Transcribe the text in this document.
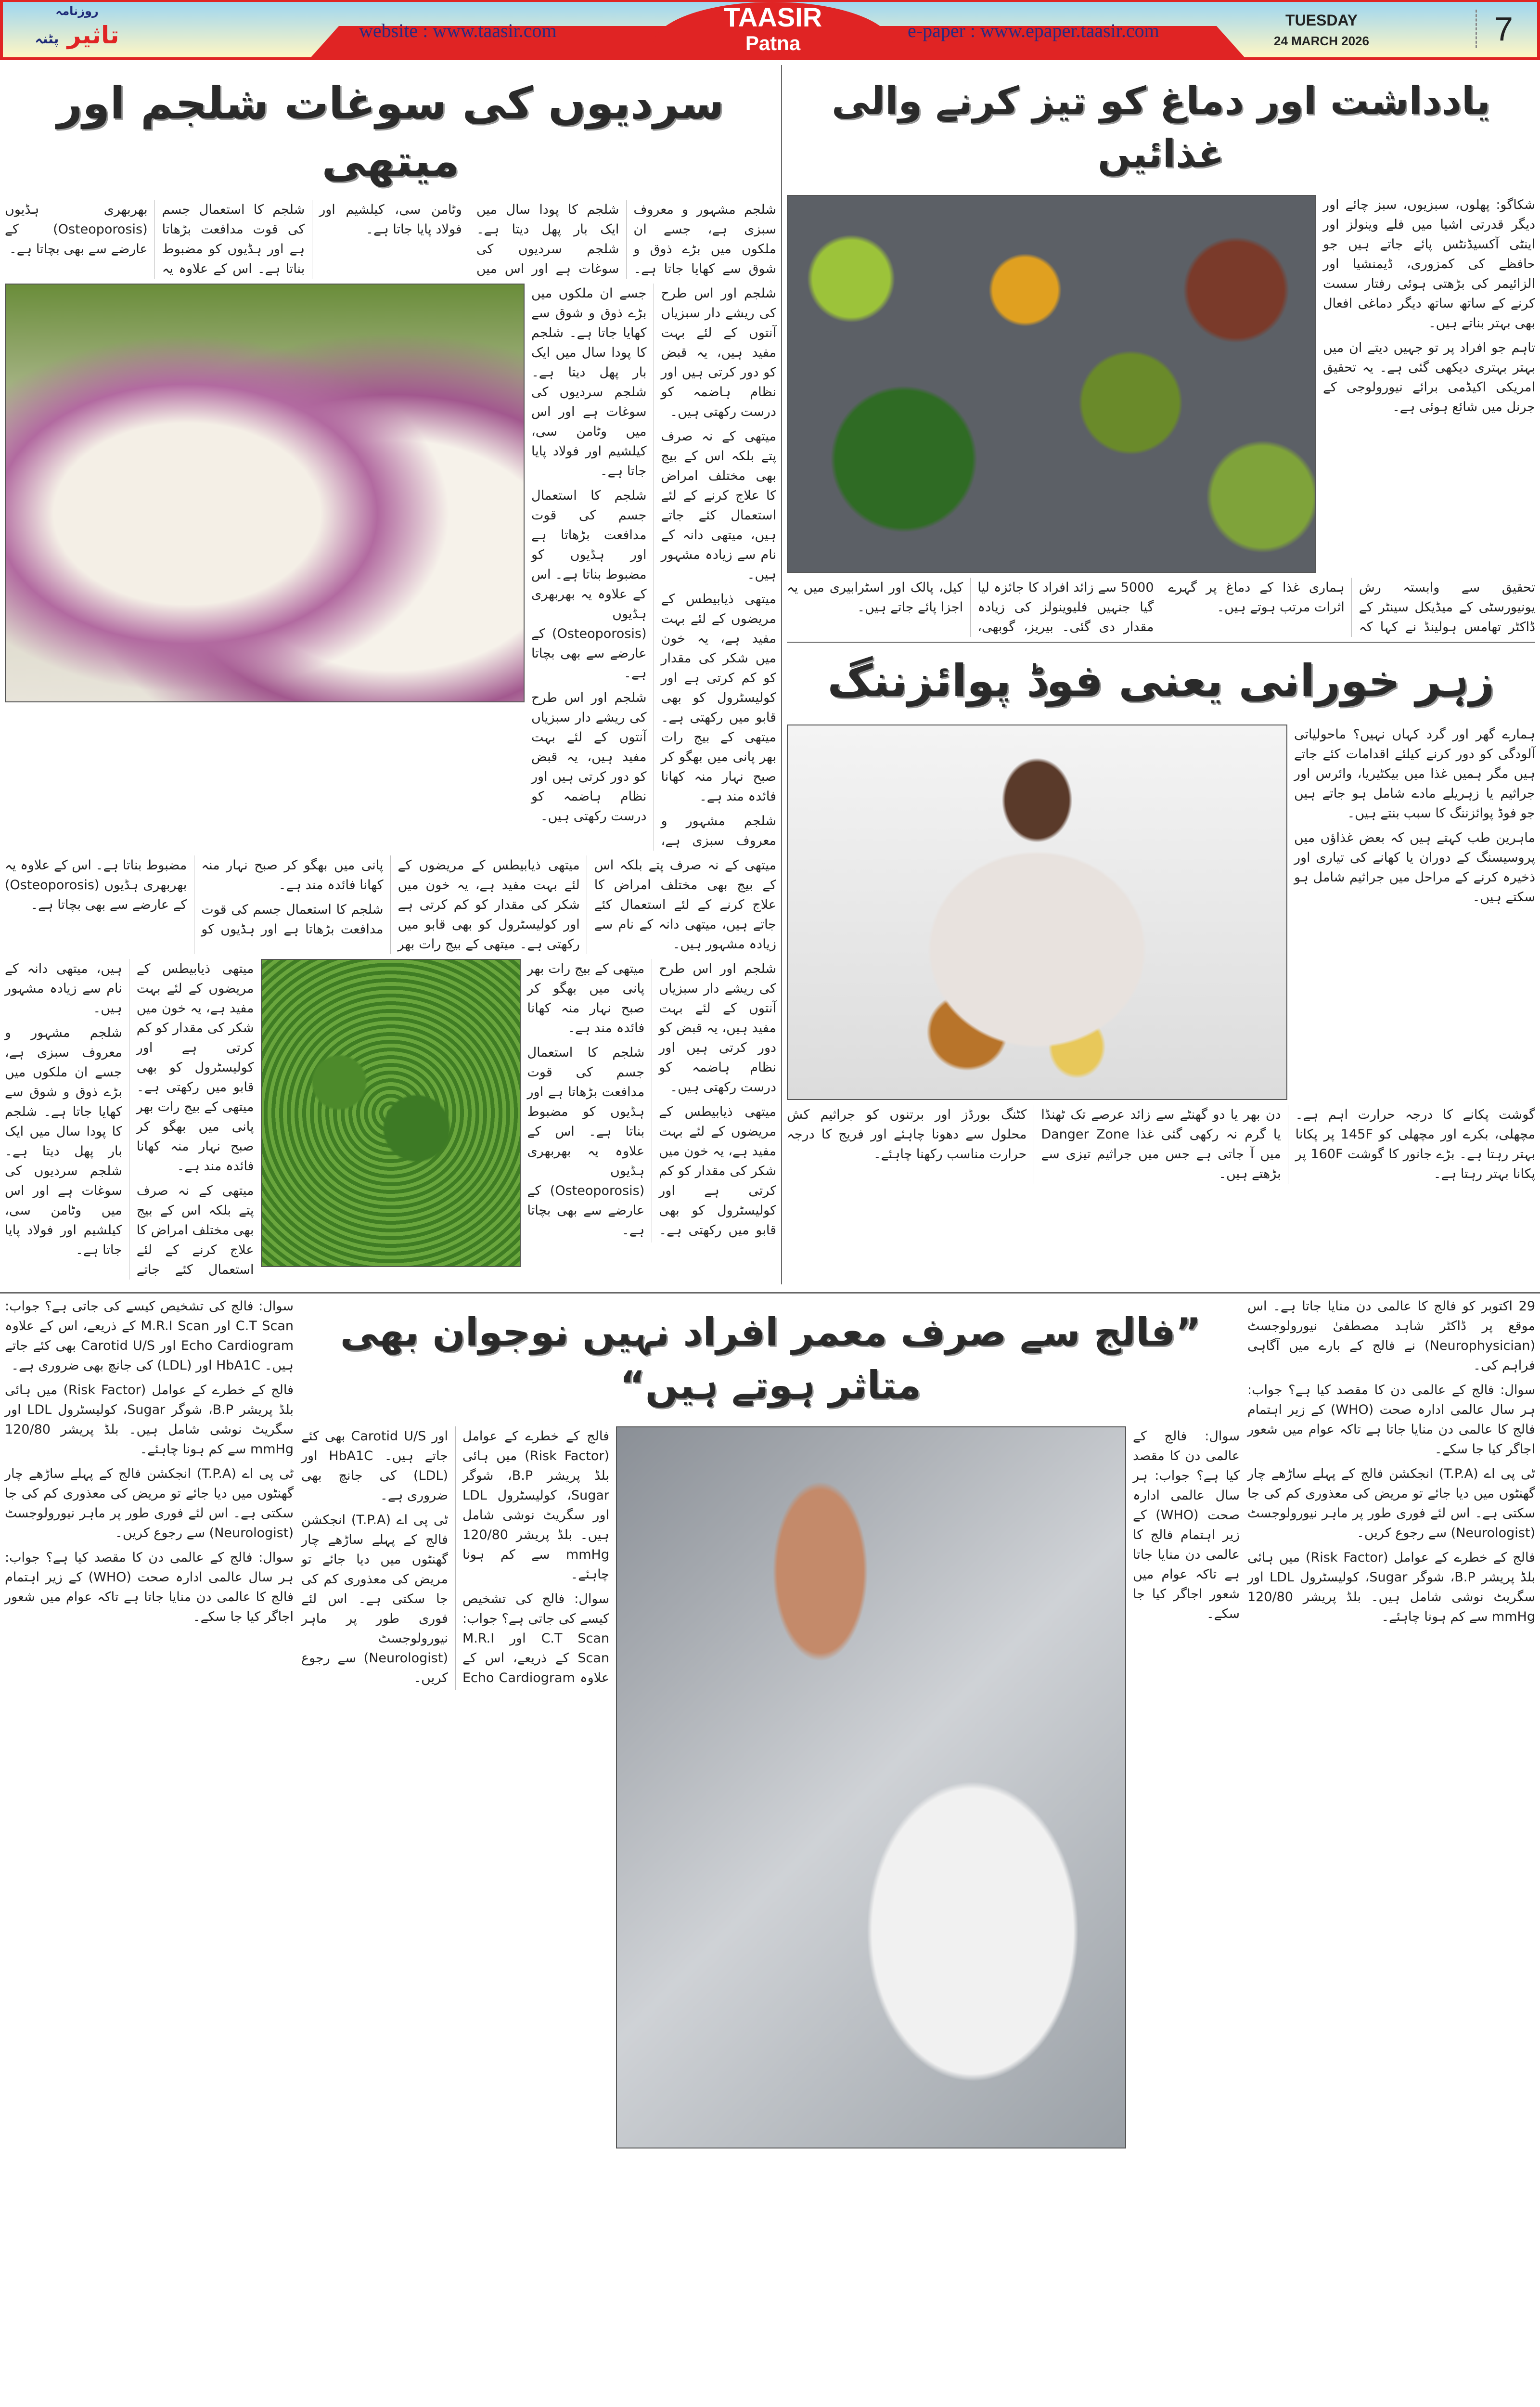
روزنامہ
تاثیر پٹنہ
TAASIR
Patna
website : www.taasir.com	e-paper : www.epaper.taasir.com	TUESDAY
24 MARCH 2026	7
سردیوں کی سوغات شلجم اور میتھی

شلجم مشہور و معروف سبزی ہے، جسے ان ملکوں میں بڑے ذوق و شوق سے کھایا جاتا ہے۔ شلجم کا پودا سال میں ایک بار پھل دیتا ہے۔ شلجم سردیوں کی سوغات ہے اور اس میں وٹامن سی، کیلشیم اور فولاد پایا جاتا ہے۔

شلجم کا استعمال جسم کی قوت مدافعت بڑھاتا ہے اور ہڈیوں کو مضبوط بناتا ہے۔ اس کے علاوہ یہ بھربھری ہڈیوں (Osteoporosis) کے عارضے سے بھی بچاتا ہے۔

شلجم اور اس طرح کی ریشے دار سبزیاں آنتوں کے لئے بہت مفید ہیں، یہ قبض کو دور کرتی ہیں اور نظام ہاضمہ کو درست رکھتی ہیں۔

میتھی کے نہ صرف پتے بلکہ اس کے بیج بھی مختلف امراض کا علاج کرنے کے لئے استعمال کئے جاتے ہیں، میتھی دانہ کے نام سے زیادہ مشہور ہیں۔

میتھی ذیابیطس کے مریضوں کے لئے بہت مفید ہے، یہ خون میں شکر کی مقدار کو کم کرتی ہے اور کولیسٹرول کو بھی قابو میں رکھتی ہے۔ میتھی کے بیج رات بھر پانی میں بھگو کر صبح نہار منہ کھانا فائدہ مند ہے۔

شلجم مشہور و معروف سبزی ہے، جسے ان ملکوں میں بڑے ذوق و شوق سے کھایا جاتا ہے۔ شلجم کا پودا سال میں ایک بار پھل دیتا ہے۔ شلجم سردیوں کی سوغات ہے اور اس میں وٹامن سی، کیلشیم اور فولاد پایا جاتا ہے۔

شلجم کا استعمال جسم کی قوت مدافعت بڑھاتا ہے اور ہڈیوں کو مضبوط بناتا ہے۔ اس کے علاوہ یہ بھربھری ہڈیوں (Osteoporosis) کے عارضے سے بھی بچاتا ہے۔

شلجم اور اس طرح کی ریشے دار سبزیاں آنتوں کے لئے بہت مفید ہیں، یہ قبض کو دور کرتی ہیں اور نظام ہاضمہ کو درست رکھتی ہیں۔

میتھی کے نہ صرف پتے بلکہ اس کے بیج بھی مختلف امراض کا علاج کرنے کے لئے استعمال کئے جاتے ہیں، میتھی دانہ کے نام سے زیادہ مشہور ہیں۔

میتھی ذیابیطس کے مریضوں کے لئے بہت مفید ہے، یہ خون میں شکر کی مقدار کو کم کرتی ہے اور کولیسٹرول کو بھی قابو میں رکھتی ہے۔ میتھی کے بیج رات بھر پانی میں بھگو کر صبح نہار منہ کھانا فائدہ مند ہے۔

شلجم کا استعمال جسم کی قوت مدافعت بڑھاتا ہے اور ہڈیوں کو مضبوط بناتا ہے۔ اس کے علاوہ یہ بھربھری ہڈیوں (Osteoporosis) کے عارضے سے بھی بچاتا ہے۔

میتھی ذیابیطس کے مریضوں کے لئے بہت مفید ہے، یہ خون میں شکر کی مقدار کو کم کرتی ہے اور کولیسٹرول کو بھی قابو میں رکھتی ہے۔ میتھی کے بیج رات بھر پانی میں بھگو کر صبح نہار منہ کھانا فائدہ مند ہے۔

میتھی کے نہ صرف پتے بلکہ اس کے بیج بھی مختلف امراض کا علاج کرنے کے لئے استعمال کئے جاتے ہیں، میتھی دانہ کے نام سے زیادہ مشہور ہیں۔

شلجم مشہور و معروف سبزی ہے، جسے ان ملکوں میں بڑے ذوق و شوق سے کھایا جاتا ہے۔ شلجم کا پودا سال میں ایک بار پھل دیتا ہے۔ شلجم سردیوں کی سوغات ہے اور اس میں وٹامن سی، کیلشیم اور فولاد پایا جاتا ہے۔

شلجم اور اس طرح کی ریشے دار سبزیاں آنتوں کے لئے بہت مفید ہیں، یہ قبض کو دور کرتی ہیں اور نظام ہاضمہ کو درست رکھتی ہیں۔

میتھی ذیابیطس کے مریضوں کے لئے بہت مفید ہے، یہ خون میں شکر کی مقدار کو کم کرتی ہے اور کولیسٹرول کو بھی قابو میں رکھتی ہے۔ میتھی کے بیج رات بھر پانی میں بھگو کر صبح نہار منہ کھانا فائدہ مند ہے۔

شلجم کا استعمال جسم کی قوت مدافعت بڑھاتا ہے اور ہڈیوں کو مضبوط بناتا ہے۔ اس کے علاوہ یہ بھربھری ہڈیوں (Osteoporosis) کے عارضے سے بھی بچاتا ہے۔

یادداشت اور دماغ کو تیز کرنے والی غذائیں

شکاگو: پھلوں، سبزیوں، سبز چائے اور دیگر قدرتی اشیا میں فلے وینولز اور اینٹی آکسیڈنٹس پائے جاتے ہیں جو حافظے کی کمزوری، ڈیمنشیا اور الزائیمر کی بڑھتی ہوئی رفتار سست کرنے کے ساتھ ساتھ دیگر دماغی افعال بھی بہتر بناتے ہیں۔

تاہم جو افراد پر تو جہیں دیتے ان میں بہتر بہتری دیکھی گئی ہے۔ یہ تحقیق امریکی اکیڈمی برائے نیورولوجی کے جرنل میں شائع ہوئی ہے۔

تحقیق سے وابستہ رش یونیورسٹی کے میڈیکل سینٹر کے ڈاکٹر تھامس ہولینڈ نے کہا کہ ہماری غذا کے دماغ پر گہرے اثرات مرتب ہوتے ہیں۔

5000 سے زائد افراد کا جائزہ لیا گیا جنہیں فلیوینولز کی زیادہ مقدار دی گئی۔ بیریز، گوبھی، کیل، پالک اور اسٹرابیری میں یہ اجزا پائے جاتے ہیں۔

زہر خورانی یعنی فوڈ پوائزننگ

ہمارے گھر اور گرد کہاں نہیں؟ ماحولیاتی آلودگی کو دور کرنے کیلئے اقدامات کئے جاتے ہیں مگر ہمیں غذا میں بیکٹیریا، وائرس اور جراثیم یا زہریلے مادے شامل ہو جاتے ہیں جو فوڈ پوائزننگ کا سبب بنتے ہیں۔

ماہرین طب کہتے ہیں کہ بعض غذاؤں میں پروسیسنگ کے دوران یا کھانے کی تیاری اور ذخیرہ کرنے کے مراحل میں جراثیم شامل ہو سکتے ہیں۔

گوشت پکانے کا درجہ حرارت اہم ہے۔ مچھلی، بکرے اور مچھلی کو 145F پر پکانا بہتر رہتا ہے۔ بڑے جانور کا گوشت 160F پر پکانا بہتر رہتا ہے۔

دن بھر یا دو گھنٹے سے زائد عرصے تک ٹھنڈا یا گرم نہ رکھی گئی غذا Danger Zone میں آ جاتی ہے جس میں جراثیم تیزی سے بڑھتے ہیں۔

کٹنگ بورڈز اور برتنوں کو جراثیم کش محلول سے دھونا چاہئے اور فریج کا درجہ حرارت مناسب رکھنا چاہئے۔

سوال: فالج کی تشخیص کیسے کی جاتی ہے؟ جواب: C.T Scan اور M.R.I Scan کے ذریعے، اس کے علاوہ Echo Cardiogram اور Carotid U/S بھی کئے جاتے ہیں۔ HbA1C اور (LDL) کی جانچ بھی ضروری ہے۔

فالج کے خطرے کے عوامل (Risk Factor) میں ہائی بلڈ پریشر B.P، شوگر Sugar، کولیسٹرول LDL اور سگریٹ نوشی شامل ہیں۔ بلڈ پریشر 120/80 mmHg سے کم ہونا چاہئے۔

ٹی پی اے (T.P.A) انجکشن فالج کے پہلے ساڑھے چار گھنٹوں میں دیا جائے تو مریض کی معذوری کم کی جا سکتی ہے۔ اس لئے فوری طور پر ماہر نیورولوجسٹ (Neurologist) سے رجوع کریں۔

سوال: فالج کے عالمی دن کا مقصد کیا ہے؟ جواب: ہر سال عالمی ادارہ صحت (WHO) کے زیر اہتمام فالج کا عالمی دن منایا جاتا ہے تاکہ عوام میں شعور اجاگر کیا جا سکے۔

”فالج سے صرف معمر افراد نہیں نوجوان بھی متاثر ہوتے ہیں“

فالج کے خطرے کے عوامل (Risk Factor) میں ہائی بلڈ پریشر B.P، شوگر Sugar، کولیسٹرول LDL اور سگریٹ نوشی شامل ہیں۔ بلڈ پریشر 120/80 mmHg سے کم ہونا چاہئے۔

سوال: فالج کی تشخیص کیسے کی جاتی ہے؟ جواب: C.T Scan اور M.R.I Scan کے ذریعے، اس کے علاوہ Echo Cardiogram اور Carotid U/S بھی کئے جاتے ہیں۔ HbA1C اور (LDL) کی جانچ بھی ضروری ہے۔

ٹی پی اے (T.P.A) انجکشن فالج کے پہلے ساڑھے چار گھنٹوں میں دیا جائے تو مریض کی معذوری کم کی جا سکتی ہے۔ اس لئے فوری طور پر ماہر نیورولوجسٹ (Neurologist) سے رجوع کریں۔

سوال: فالج کے عالمی دن کا مقصد کیا ہے؟ جواب: ہر سال عالمی ادارہ صحت (WHO) کے زیر اہتمام فالج کا عالمی دن منایا جاتا ہے تاکہ عوام میں شعور اجاگر کیا جا سکے۔

29 اکتوبر کو فالج کا عالمی دن منایا جاتا ہے۔ اس موقع پر ڈاکٹر شاہد مصطفیٰ نیورولوجسٹ (Neurophysician) نے فالج کے بارے میں آگاہی فراہم کی۔

سوال: فالج کے عالمی دن کا مقصد کیا ہے؟ جواب: ہر سال عالمی ادارہ صحت (WHO) کے زیر اہتمام فالج کا عالمی دن منایا جاتا ہے تاکہ عوام میں شعور اجاگر کیا جا سکے۔

ٹی پی اے (T.P.A) انجکشن فالج کے پہلے ساڑھے چار گھنٹوں میں دیا جائے تو مریض کی معذوری کم کی جا سکتی ہے۔ اس لئے فوری طور پر ماہر نیورولوجسٹ (Neurologist) سے رجوع کریں۔

فالج کے خطرے کے عوامل (Risk Factor) میں ہائی بلڈ پریشر B.P، شوگر Sugar، کولیسٹرول LDL اور سگریٹ نوشی شامل ہیں۔ بلڈ پریشر 120/80 mmHg سے کم ہونا چاہئے۔
